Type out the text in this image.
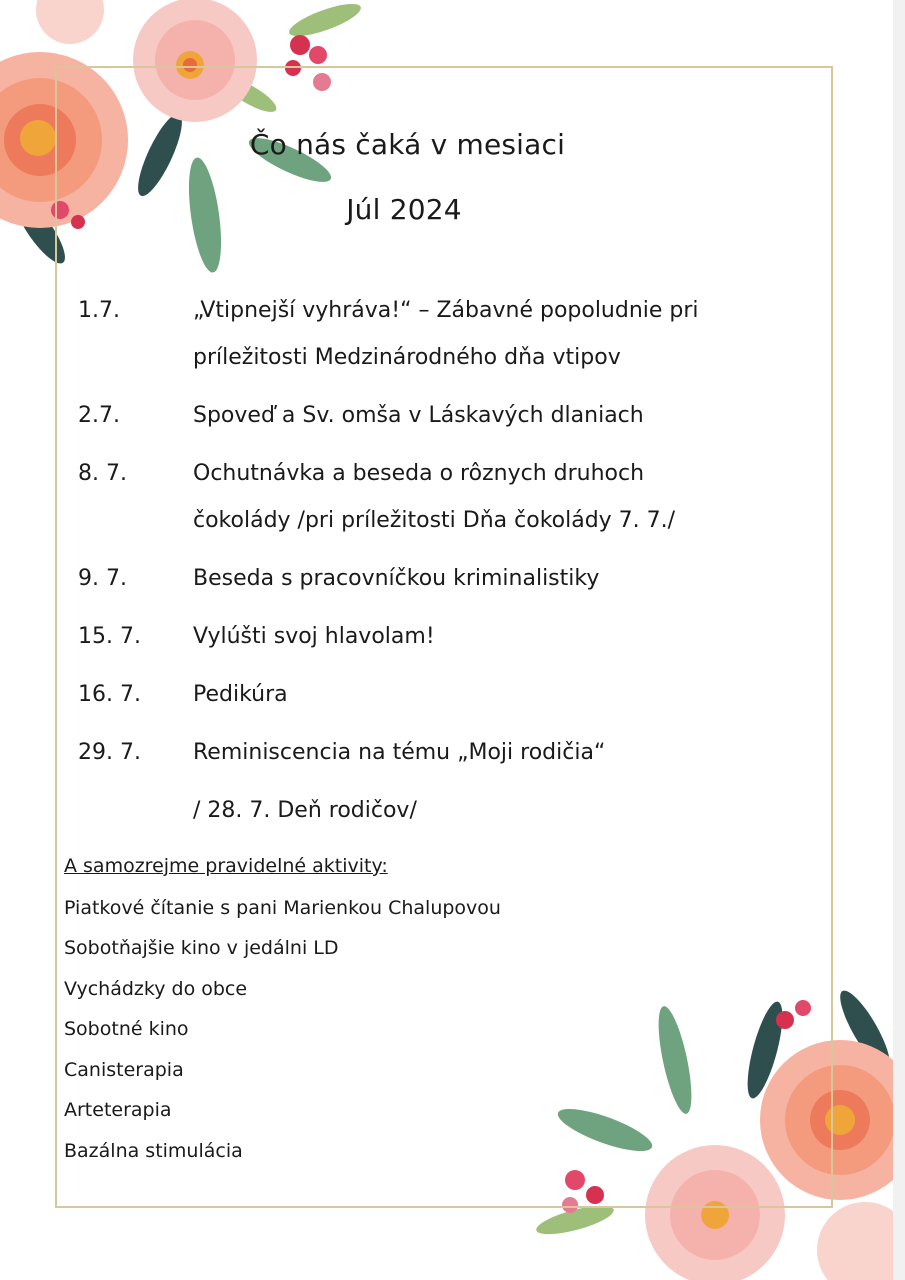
Čo nás čaká v mesiaci
Júl 2024
1.7.	„Vtipnejší vyhráva!“ – Zábavné popoludnie pri
príležitosti Medzinárodného dňa vtipov
2.7.	Spoveď a Sv. omša v Láskavých dlaniach
8. 7.	Ochutnávka a beseda o rôznych druhoch
čokolády /pri príležitosti Dňa čokolády 7. 7./
9. 7.	Beseda s pracovníčkou kriminalistiky
15. 7. Vylúšti svoj hlavolam!
16. 7. Pedikúra
29. 7. Reminiscencia na tému „Moji rodičia“
/ 28. 7. Deň rodičov/
A samozrejme pravidelné aktivity:
Piatkové čítanie s pani Marienkou Chalupovou
Sobotňajšie kino v jedálni LD
Vychádzky do obce
Sobotné kino
Canisterapia
Arteterapia
Bazálna stimulácia
